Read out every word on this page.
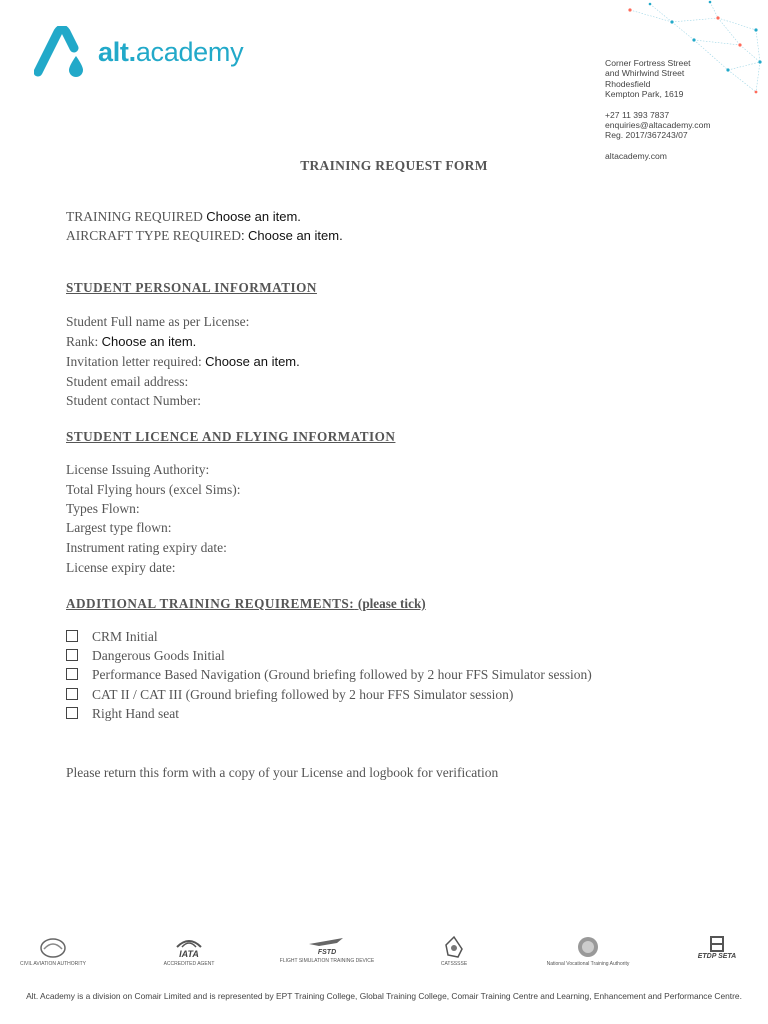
alt.academy	Corner Fortress Street
and Whirlwind Street
Rhodesfield
Kempton Park, 1619
+27 11 393 7837
enquiries@altacademy.com
Reg. 2017/367243/07
altacademy.com
TRAINING REQUEST FORM
TRAINING REQUIRED Choose an item.
AIRCRAFT TYPE REQUIRED: Choose an item.
STUDENT PERSONAL INFORMATION
Student Full name as per License:
Rank: Choose an item.
Invitation letter required: Choose an item.
Student email address:
Student contact Number:
STUDENT LICENCE AND FLYING INFORMATION
License Issuing Authority:
Total Flying hours (excel Sims):
Types Flown:
Largest type flown:
Instrument rating expiry date:
License expiry date:
ADDITIONAL TRAINING REQUIREMENTS: (please tick)
CRM Initial
Dangerous Goods Initial
Performance Based Navigation (Ground briefing followed by 2 hour FFS Simulator session)
CAT II / CAT III (Ground briefing followed by 2 hour FFS Simulator session)
Right Hand seat
Please return this form with a copy of your License and logbook for verification
CIVIL AVIATION AUTHORITY
IATA
ACCREDITED AGENT
FSTD
FLIGHT SIMULATION TRAINING DEVICE	CATSSSSE	National Vocational Training Authority
ETDP SETA
Alt. Academy is a division on Comair Limited and is represented by EPT Training College, Global Training College, Comair Training Centre and Learning, Enhancement and Performance Centre.
